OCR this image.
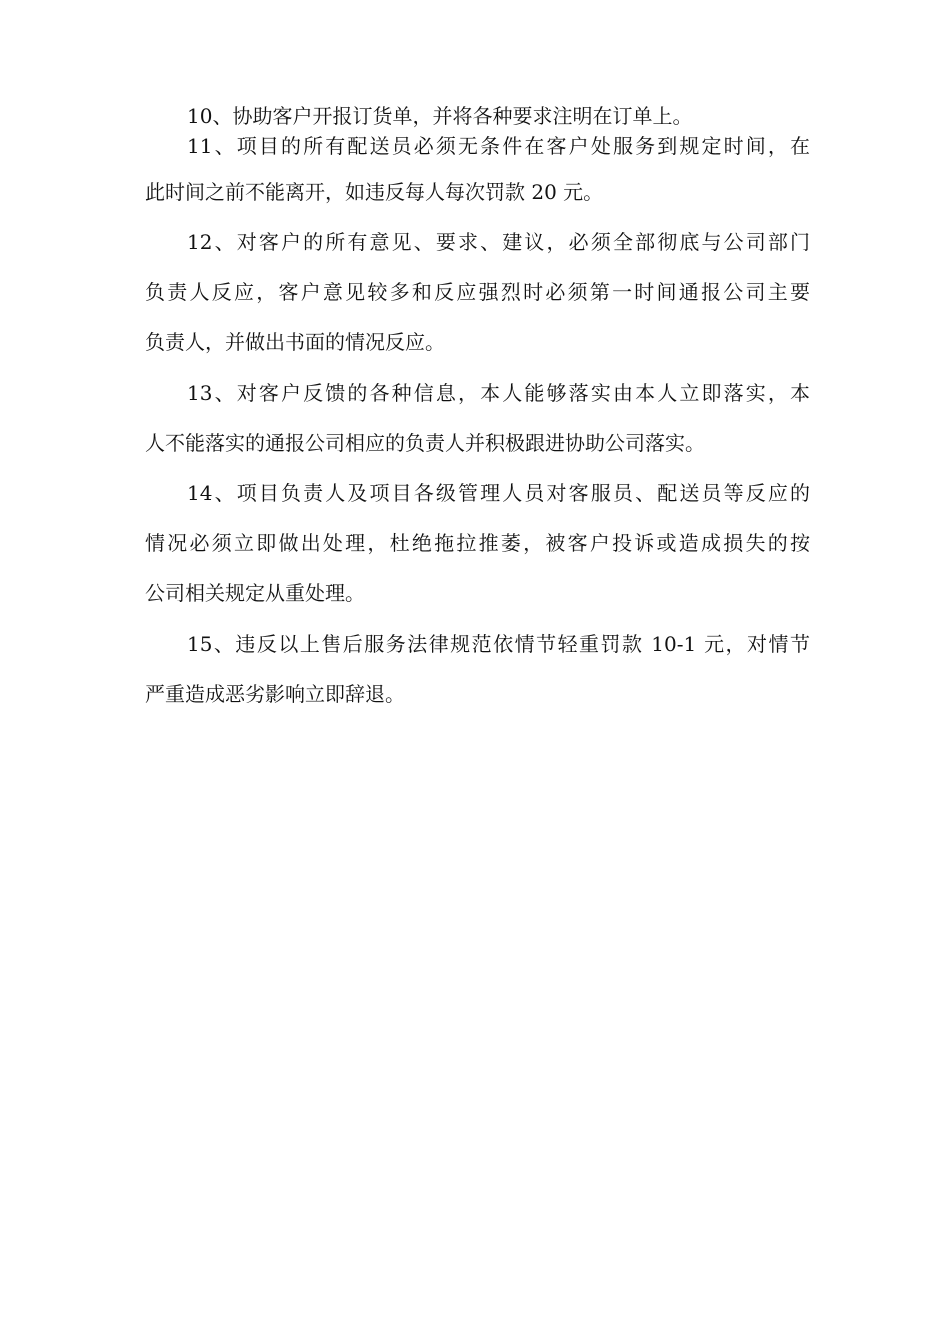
10、协助客户开报订货单，并将各种要求注明在订单上。
11、项目的所有配送员必须无条件在客户处服务到规定时间，在
此时间之前不能离开，如违反每人每次罚款 20 元。
12、对客户的所有意见、要求、建议，必须全部彻底与公司部门
负责人反应，客户意见较多和反应强烈时必须第一时间通报公司主要
负责人，并做出书面的情况反应。
13、对客户反馈的各种信息，本人能够落实由本人立即落实，本
人不能落实的通报公司相应的负责人并积极跟进协助公司落实。
14、项目负责人及项目各级管理人员对客服员、配送员等反应的
情况必须立即做出处理，杜绝拖拉推萎，被客户投诉或造成损失的按
公司相关规定从重处理。
15、违反以上售后服务法律规范依情节轻重罚款 10-1 元，对情节
严重造成恶劣影响立即辞退。
